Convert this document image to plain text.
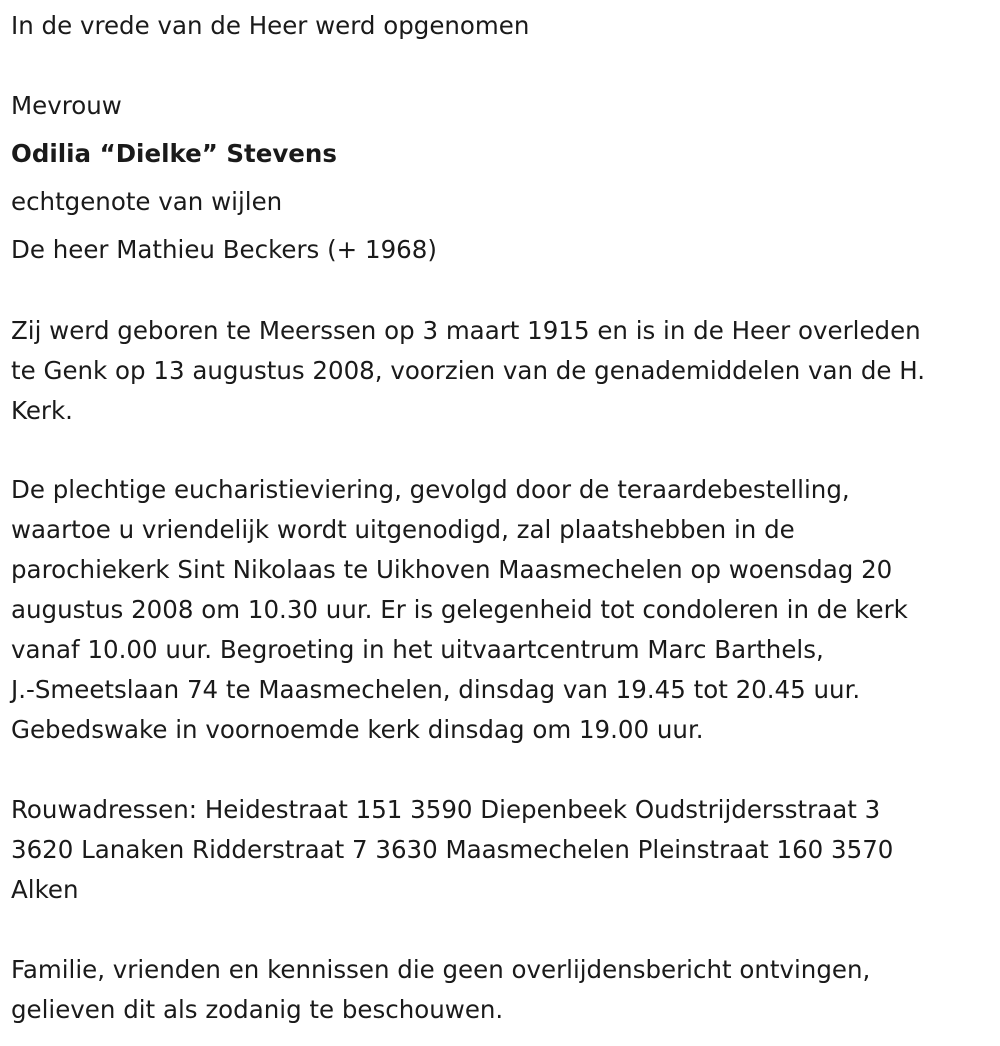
In de vrede van de Heer werd opgenomen
Mevrouw
Odilia “Dielke” Stevens
echtgenote van wijlen
De heer Mathieu Beckers (+ 1968)
Zij werd geboren te Meerssen op 3 maart 1915 en is in de Heer overleden
te Genk op 13 augustus 2008, voorzien van de genademiddelen van de H.
Kerk.
De plechtige eucharistieviering, gevolgd door de teraardebestelling,
waartoe u vriendelijk wordt uitgenodigd, zal plaatshebben in de
parochiekerk Sint Nikolaas te Uikhoven Maasmechelen op woensdag 20
augustus 2008 om 10.30 uur. Er is gelegenheid tot condoleren in de kerk
vanaf 10.00 uur. Begroeting in het uitvaartcentrum Marc Barthels,
J.-Smeetslaan 74 te Maasmechelen, dinsdag van 19.45 tot 20.45 uur.
Gebedswake in voornoemde kerk dinsdag om 19.00 uur.
Rouwadressen: Heidestraat 151 3590 Diepenbeek Oudstrijdersstraat 3
3620 Lanaken Ridderstraat 7 3630 Maasmechelen Pleinstraat 160 3570
Alken
Familie, vrienden en kennissen die geen overlijdensbericht ontvingen,
gelieven dit als zodanig te beschouwen.
